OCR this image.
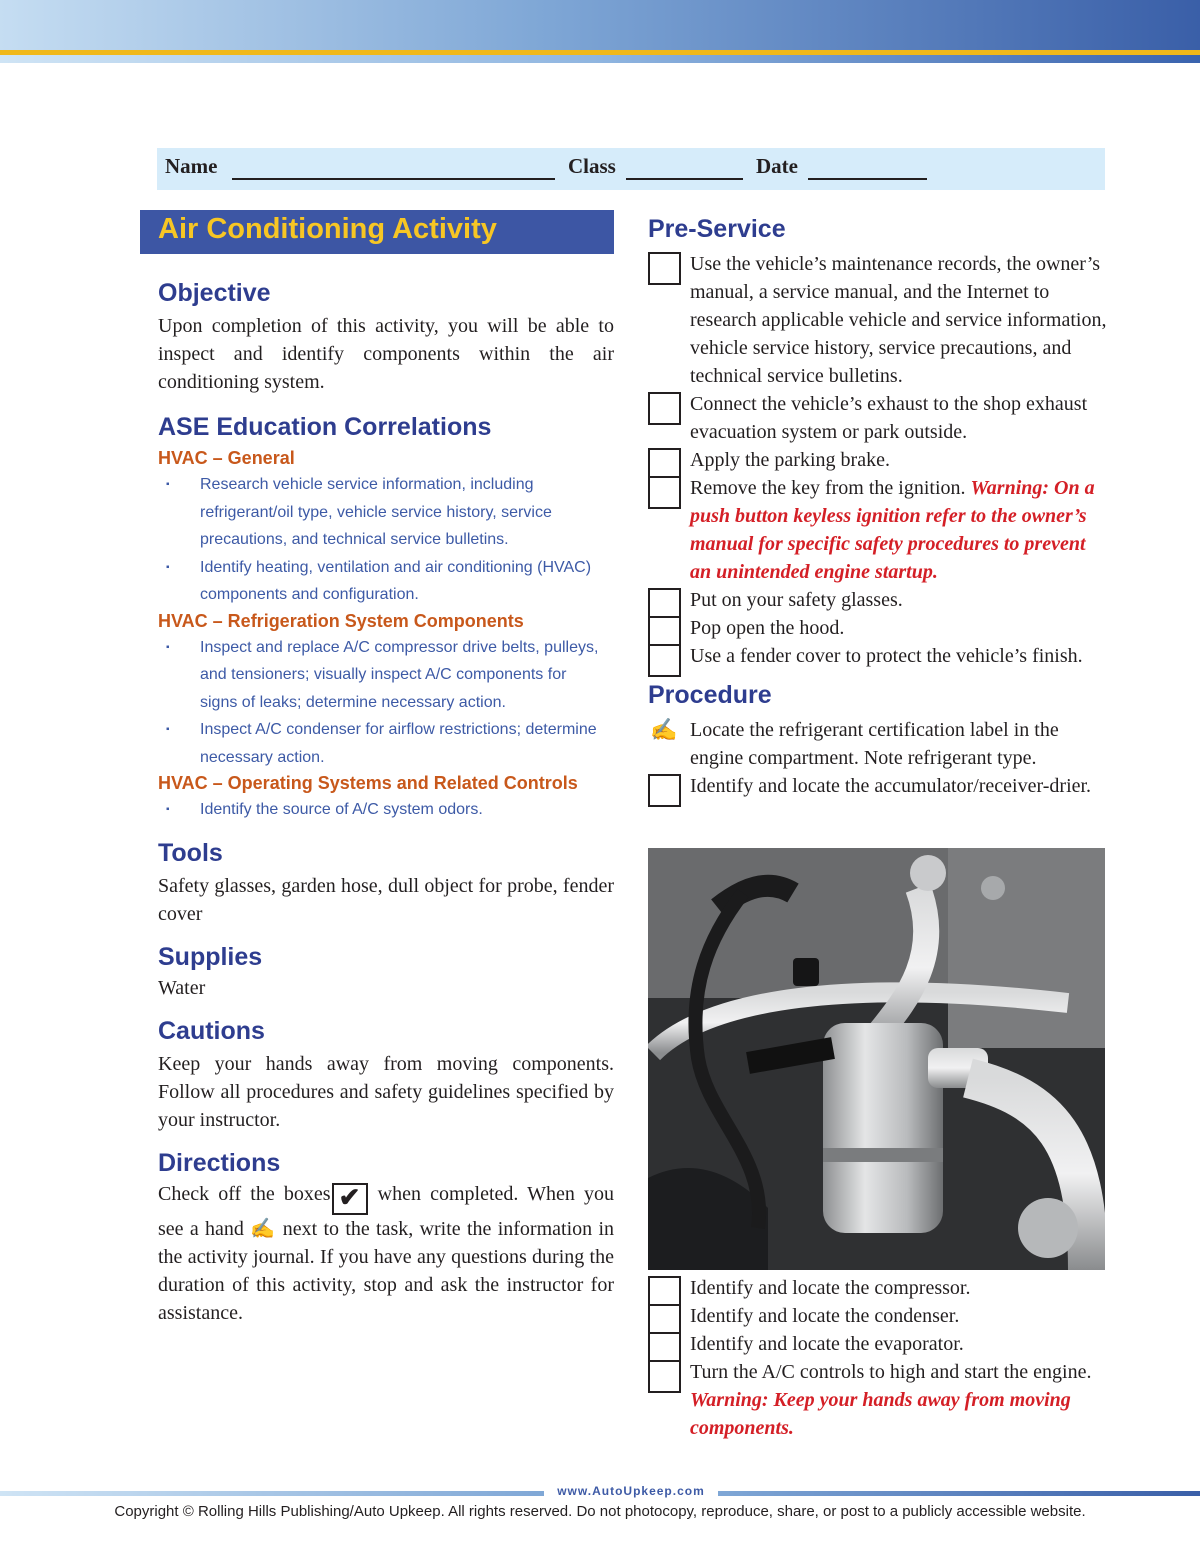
Name	Class	Date
Air Conditioning Activity
Objective

Upon completion of this activity, you will be able to inspect and identify components within the air conditioning system.

ASE Education Correlations
HVAC – General
▪ Research vehicle service information, including refrigerant/oil type, vehicle service history, service precautions, and technical service bulletins.
▪ Identify heating, ventilation and air conditioning (HVAC) components and configuration.
HVAC – Refrigeration System Components
▪ Inspect and replace A/C compressor drive belts, pulleys, and tensioners; visually inspect A/C components for signs of leaks; determine necessary action.
▪ Inspect A/C condenser for airflow restrictions; determine necessary action.
HVAC – Operating Systems and Related Controls
▪ Identify the source of A/C system odors.
Tools

Safety glasses, garden hose, dull object for probe, fender cover

Supplies

Water

Cautions

Keep your hands away from moving components. Follow all procedures and safety guidelines specified by your instructor.

Directions

Check off the boxes ✔ when completed. When you see a hand ✍ next to the task, write the information in the activity journal. If you have any questions during the duration of this activity, stop and ask the instructor for assistance.

Pre-Service
Use the vehicle’s maintenance records, the owner’s manual, a service manual, and the Internet to research applicable vehicle and service information, vehicle service history, service precautions, and technical service bulletins.
Connect the vehicle’s exhaust to the shop exhaust evacuation system or park outside.
Apply the parking brake.
Remove the key from the ignition. Warning: On a push button keyless ignition refer to the owner’s manual for specific safety procedures to prevent an unintended engine startup.
Put on your safety glasses.
Pop open the hood.
Use a fender cover to protect the vehicle’s finish.
Procedure
✍ Locate the refrigerant certification label in the engine compartment. Note refrigerant type.
Identify and locate the accumulator/receiver-drier.
Identify and locate the compressor.
Identify and locate the condenser.
Identify and locate the evaporator.
Turn the A/C controls to high and start the engine. Warning: Keep your hands away from moving components.
www.AutoUpkeep.com
Copyright © Rolling Hills Publishing/Auto Upkeep. All rights reserved. Do not photocopy, reproduce, share, or post to a publicly accessible website.
